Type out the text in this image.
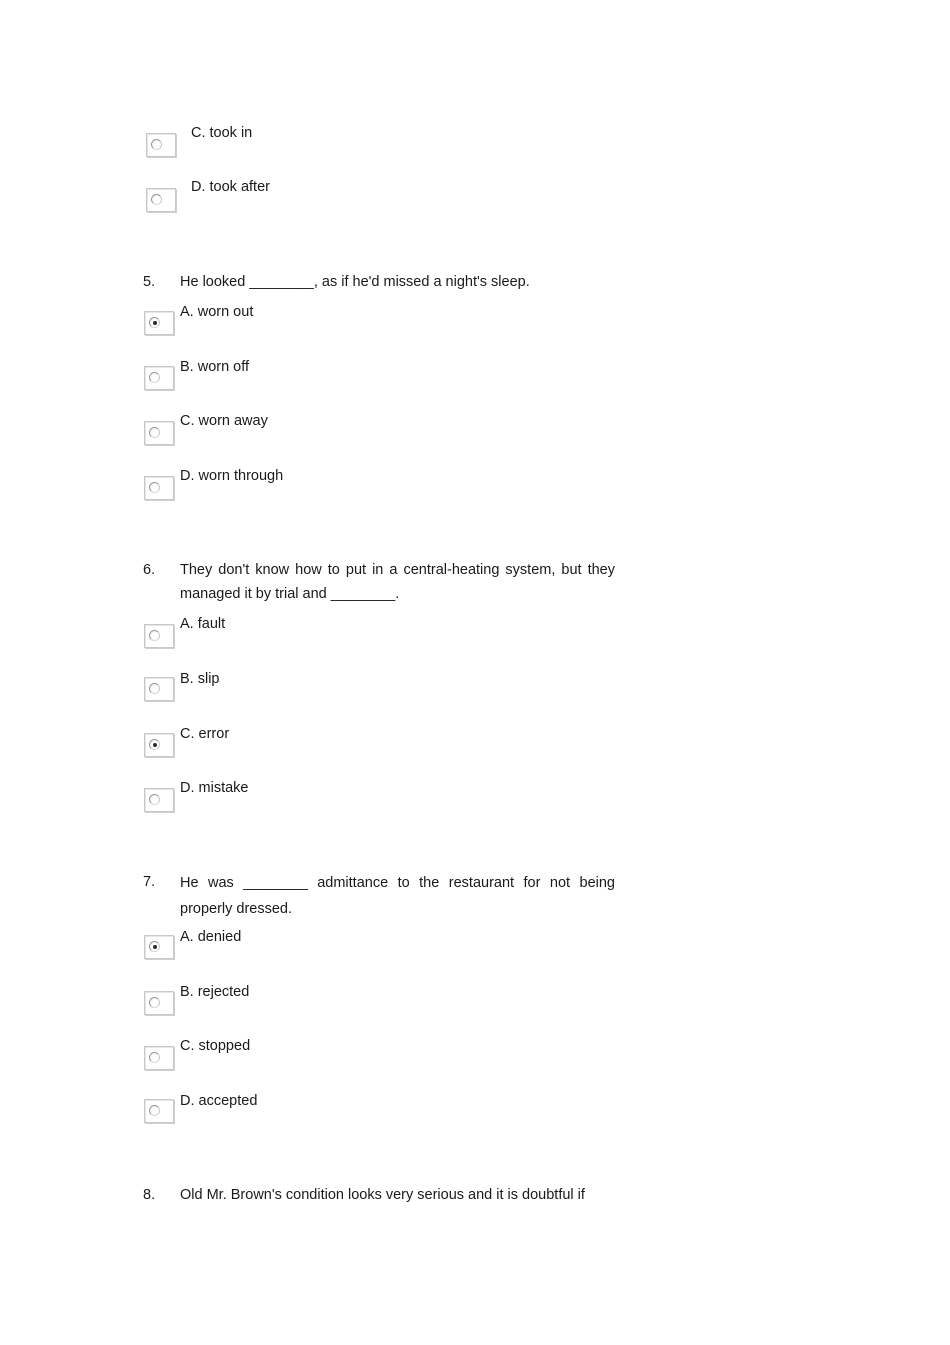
C. took in
D. took after
5. He looked ________, as if he'd missed a night's sleep.
A. worn out
B. worn off
C. worn away
D. worn through
6. They don't know how to put in a central-heating system, but they managed it by trial and ________.
A. fault
B. slip
C. error
D. mistake
7. He was ________ admittance to the restaurant for not being properly dressed.
A. denied
B. rejected
C. stopped
D. accepted
8. Old Mr. Brown's condition looks very serious and it is doubtful if
